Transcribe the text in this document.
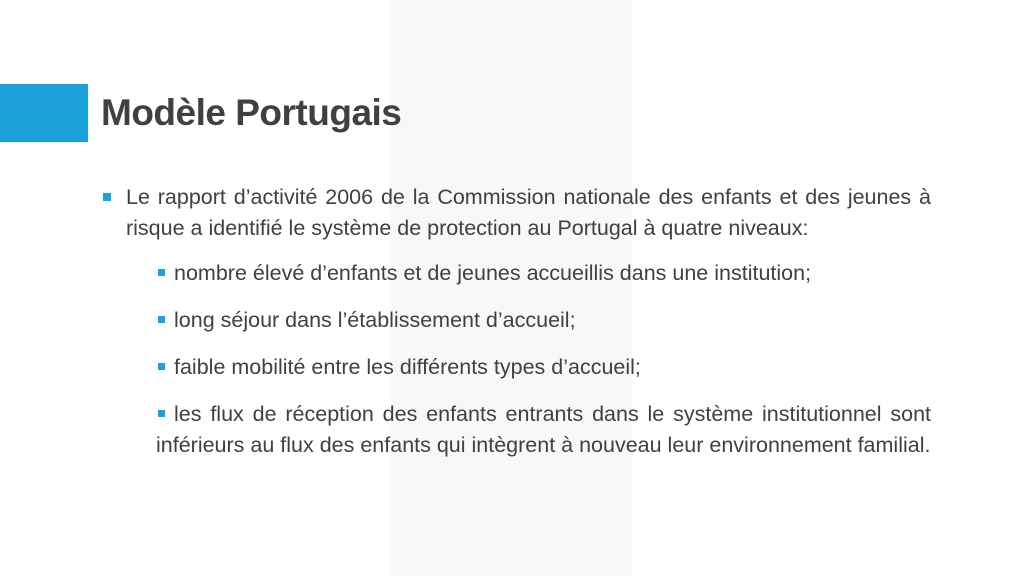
Modèle Portugais
Le rapport d’activité 2006 de la Commission nationale des enfants et des jeunes à risque a identifié le système de protection au Portugal à quatre niveaux:
nombre élevé d’enfants et de jeunes accueillis dans une institution;
long séjour dans l’établissement d’accueil;
faible mobilité entre les différents types d’accueil;
les flux de réception des enfants entrants dans le système institutionnel sont inférieurs au flux des enfants qui intègrent à nouveau leur environnement familial.
